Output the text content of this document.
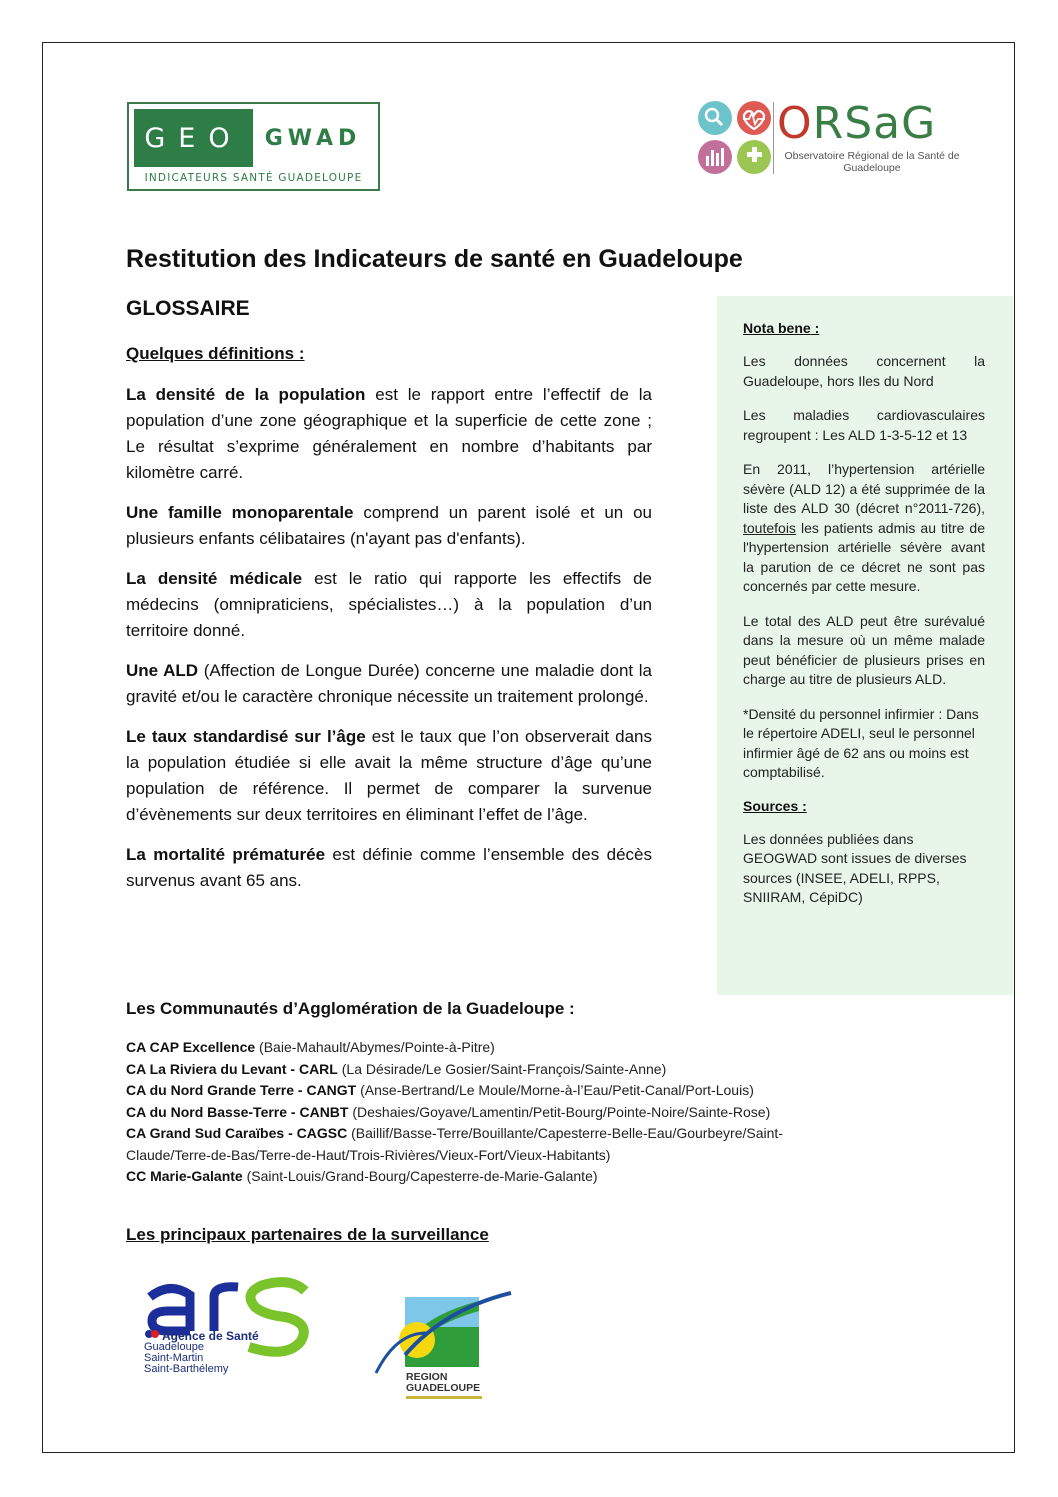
GEO	GWAD
INDICATEURS SANTÉ GUADELOUPE
ORSaG
Observatoire Régional de la Santé de Guadeloupe
Restitution des Indicateurs de santé en Guadeloupe
GLOSSAIRE
Quelques définitions :

La densité de la population est le rapport entre l’effectif de la population d’une zone géographique et la superficie de cette zone ; Le résultat s’exprime généralement en nombre d’habitants par kilomètre carré.

Une famille monoparentale comprend un parent isolé et un ou plusieurs enfants célibataires (n'ayant pas d'enfants).

La densité médicale est le ratio qui rapporte les effectifs de médecins (omnipraticiens, spécialistes…) à la population d’un territoire donné.

Une ALD (Affection de Longue Durée) concerne une maladie dont la gravité et/ou le caractère chronique nécessite un traitement prolongé.

Le taux standardisé sur l’âge est le taux que l’on observerait dans la population étudiée si elle avait la même structure d’âge qu’une population de référence. Il permet de comparer la survenue d’évènements sur deux territoires en éliminant l’effet de l’âge.

La mortalité prématurée est définie comme l’ensemble des décès survenus avant 65 ans.

Nota bene :

Les données concernent la Guadeloupe, hors Iles du Nord

Les maladies cardiovasculaires regroupent : Les ALD 1-3-5-12 et 13

En 2011, l’hypertension artérielle sévère (ALD 12) a été supprimée de la liste des ALD 30 (décret n°2011-726), toutefois les patients admis au titre de l'hypertension artérielle sévère avant la parution de ce décret ne sont pas concernés par cette mesure.

Le total des ALD peut être surévalué dans la mesure où un même malade peut bénéficier de plusieurs prises en charge au titre de plusieurs ALD.

*Densité du personnel infirmier : Dans le répertoire ADELI, seul le personnel infirmier âgé de 62 ans ou moins est comptabilisé.

Sources :

Les données publiées dans GEOGWAD sont issues de diverses sources (INSEE, ADELI, RPPS, SNIIRAM, CépiDC)

Les Communautés d’Agglomération de la Guadeloupe :
CA CAP Excellence (Baie-Mahault/Abymes/Pointe-à-Pitre)
CA La Riviera du Levant - CARL (La Désirade/Le Gosier/Saint-François/Sainte-Anne)
CA du Nord Grande Terre - CANGT (Anse-Bertrand/Le Moule/Morne-à-l’Eau/Petit-Canal/Port-Louis)
CA du Nord Basse-Terre - CANBT (Deshaies/Goyave/Lamentin/Petit-Bourg/Pointe-Noire/Sainte-Rose)
CA Grand Sud Caraïbes - CAGSC (Baillif/Basse-Terre/Bouillante/Capesterre-Belle-Eau/Gourbeyre/Saint-Claude/Terre-de-Bas/Terre-de-Haut/Trois-Rivières/Vieux-Fort/Vieux-Habitants)
CC Marie-Galante (Saint-Louis/Grand-Bourg/Capesterre-de-Marie-Galante)
Les principaux partenaires de la surveillance
Agence de Santé
Guadeloupe
Saint-Martin
Saint-Barthélemy
REGION
GUADELOUPE
